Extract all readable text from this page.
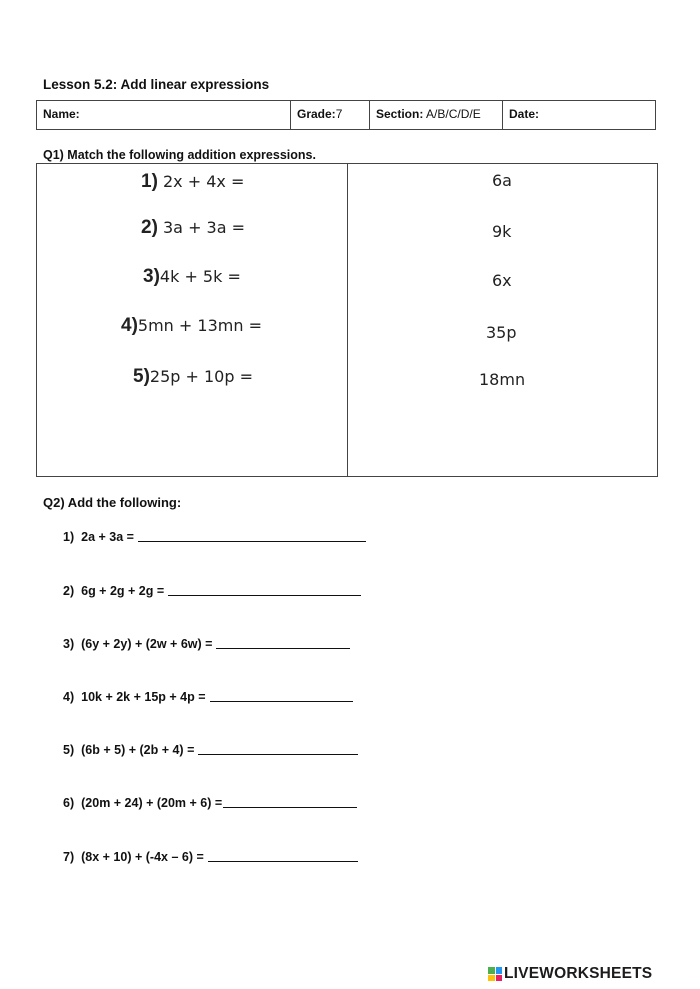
Lesson 5.2: Add linear expressions
Name:	Grade:7	Section: A/B/C/D/E	Date:
Q1) Match the following addition expressions.
1) 2x + 4x =
2) 3a + 3a =
3)4k + 5k =
4)5mn + 13mn =
5)25p + 10p =
6a
9k
6x
35p
18mn
Q2) Add the following:
1) 2a + 3a =
2) 6g + 2g + 2g =
3) (6y + 2y) + (2w + 6w) =
4) 10k + 2k + 15p + 4p =
5) (6b + 5) + (2b + 4) =
6) (20m + 24) + (20m + 6) =
7) (8x + 10) + (-4x – 6) =
LIVEWORKSHEETS
